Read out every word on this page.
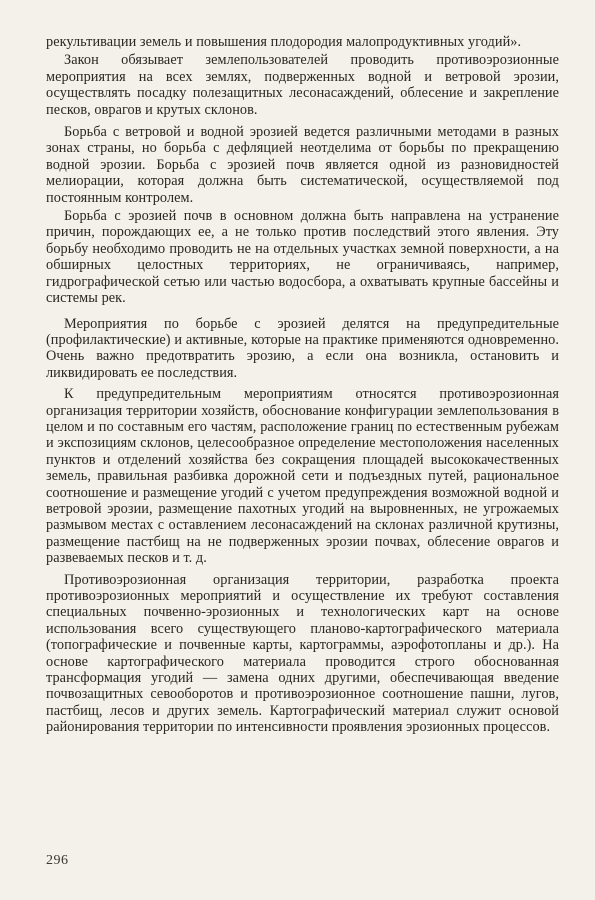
рекультивации земель и повышения плодородия малопродуктивных угодий».

Закон обязывает землепользователей проводить противоэрозионные мероприятия на всех землях, подверженных водной и ветровой эрозии, осуществлять посадку полезащитных лесонасаждений, облесение и закрепление песков, оврагов и крутых склонов.

Борьба с ветровой и водной эрозией ведется различными методами в разных зонах страны, но борьба с дефляцией неотделима от борьбы по прекращению водной эрозии. Борьба с эрозией почв является одной из разновидностей мелиорации, которая должна быть систематической, осуществляемой под постоянным контролем.

Борьба с эрозией почв в основном должна быть направлена на устранение причин, порождающих ее, а не только против последствий этого явления. Эту борьбу необходимо проводить не на отдельных участках земной поверхности, а на обширных целостных территориях, не ограничиваясь, например, гидрографической сетью или частью водосбора, а охватывать крупные бассейны и системы рек.

Мероприятия по борьбе с эрозией делятся на предупредительные (профилактические) и активные, которые на практике применяются одновременно. Очень важно предотвратить эрозию, а если она возникла, остановить и ликвидировать ее последствия.

К предупредительным мероприятиям относятся противоэрозионная организация территории хозяйств, обоснование конфигурации землепользования в целом и по составным его частям, расположение границ по естественным рубежам и экспозициям склонов, целесообразное определение местоположения населенных пунктов и отделений хозяйства без сокращения площадей высококачественных земель, правильная разбивка дорожной сети и подъездных путей, рациональное соотношение и размещение угодий с учетом предупреждения возможной водной и ветровой эрозии, размещение пахотных угодий на выровненных, не угрожаемых размывом местах с оставлением лесонасаждений на склонах различной крутизны, размещение пастбищ на не подверженных эрозии почвах, облесение оврагов и развеваемых песков и т. д.

Противоэрозионная организация территории, разработка проекта противоэрозионных мероприятий и осуществление их требуют составления специальных почвенно-эрозионных и технологических карт на основе использования всего существующего планово-картографического материала (топографические и почвенные карты, картограммы, аэрофотопланы и др.). На основе картографического материала проводится строго обоснованная трансформация угодий — замена одних другими, обеспечивающая введение почвозащитных севооборотов и противоэрозионное соотношение пашни, лугов, пастбищ, лесов и других земель. Картографический материал служит основой районирования территории по интенсивности проявления эрозионных процессов.

296
